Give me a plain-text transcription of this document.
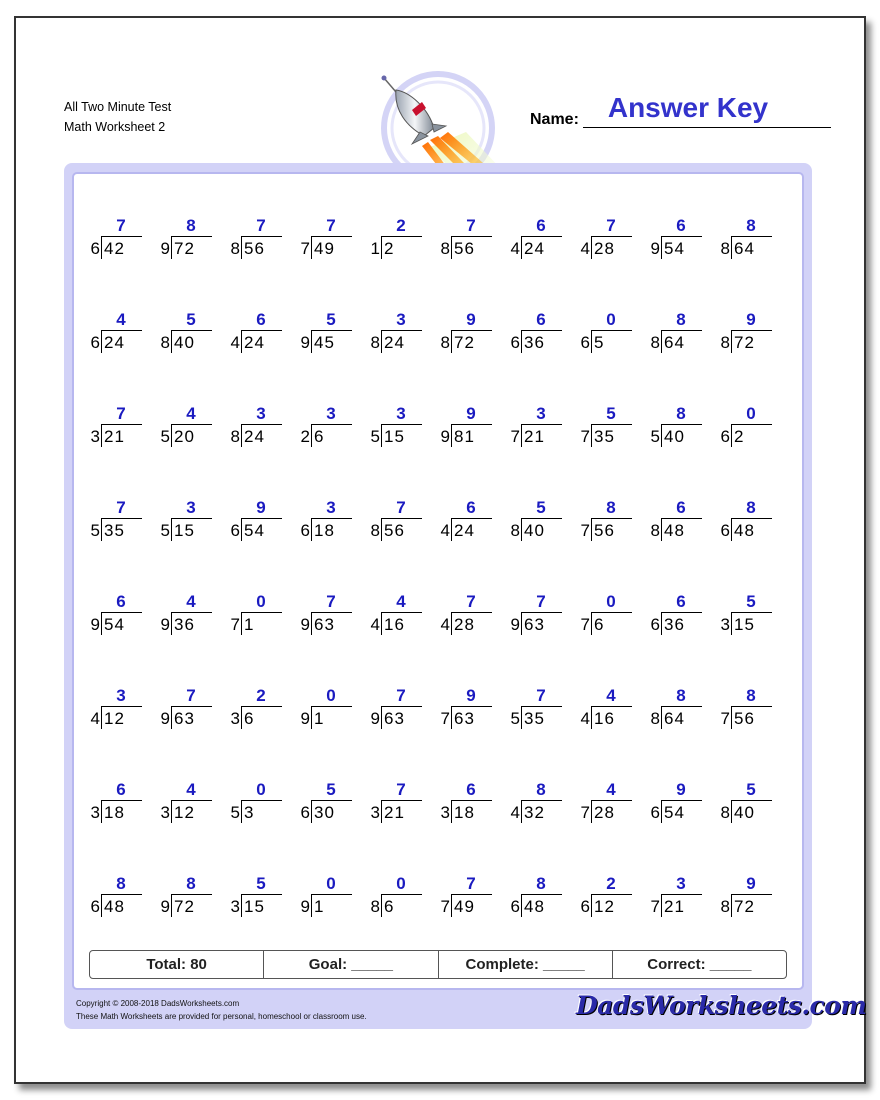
All Two Minute Test
Math Worksheet 2	Name:	Answer Key
7
6 42
8
9 72
7
8 56
7
7 49
2
1 2
7
8 56
6
4 24
7
4 28
6
9 54
8
8 64
4
6 24
5
8 40
6
4 24
5
9 45
3
8 24
9
8 72
6
6 36
0
6 5
8
8 64
9
8 72
7
3 21
4
5 20
3
8 24
3
2 6
3
5 15
9
9 81
3
7 21
5
7 35
8
5 40
0
6 2
7
5 35
3
5 15
9
6 54
3
6 18
7
8 56
6
4 24
5
8 40
8
7 56
6
8 48
8
6 48
6
9 54
4
9 36
0
7 1
7
9 63
4
4 16
7
4 28
7
9 63
0
7 6
6
6 36
5
3 15
3
4 12
7
9 63
2
3 6
0
9 1
7
9 63
9
7 63
7
5 35
4
4 16
8
8 64
8
7 56
6
3 18
4
3 12
0
5 3
5
6 30
7
3 21
6
3 18
8
4 32
4
7 28
9
6 54
5
8 40
8
6 48
8
9 72
5
3 15
0
9 1
0
8 6
7
7 49
8
6 48
2
6 12
3
7 21
9
8 72
Total: 80	Goal: _____	Complete: _____	Correct: _____
Copyright © 2008-2018 DadsWorksheets.com
These Math Worksheets are provided for personal, homeschool or classroom use.	DadsWorksheets.com
